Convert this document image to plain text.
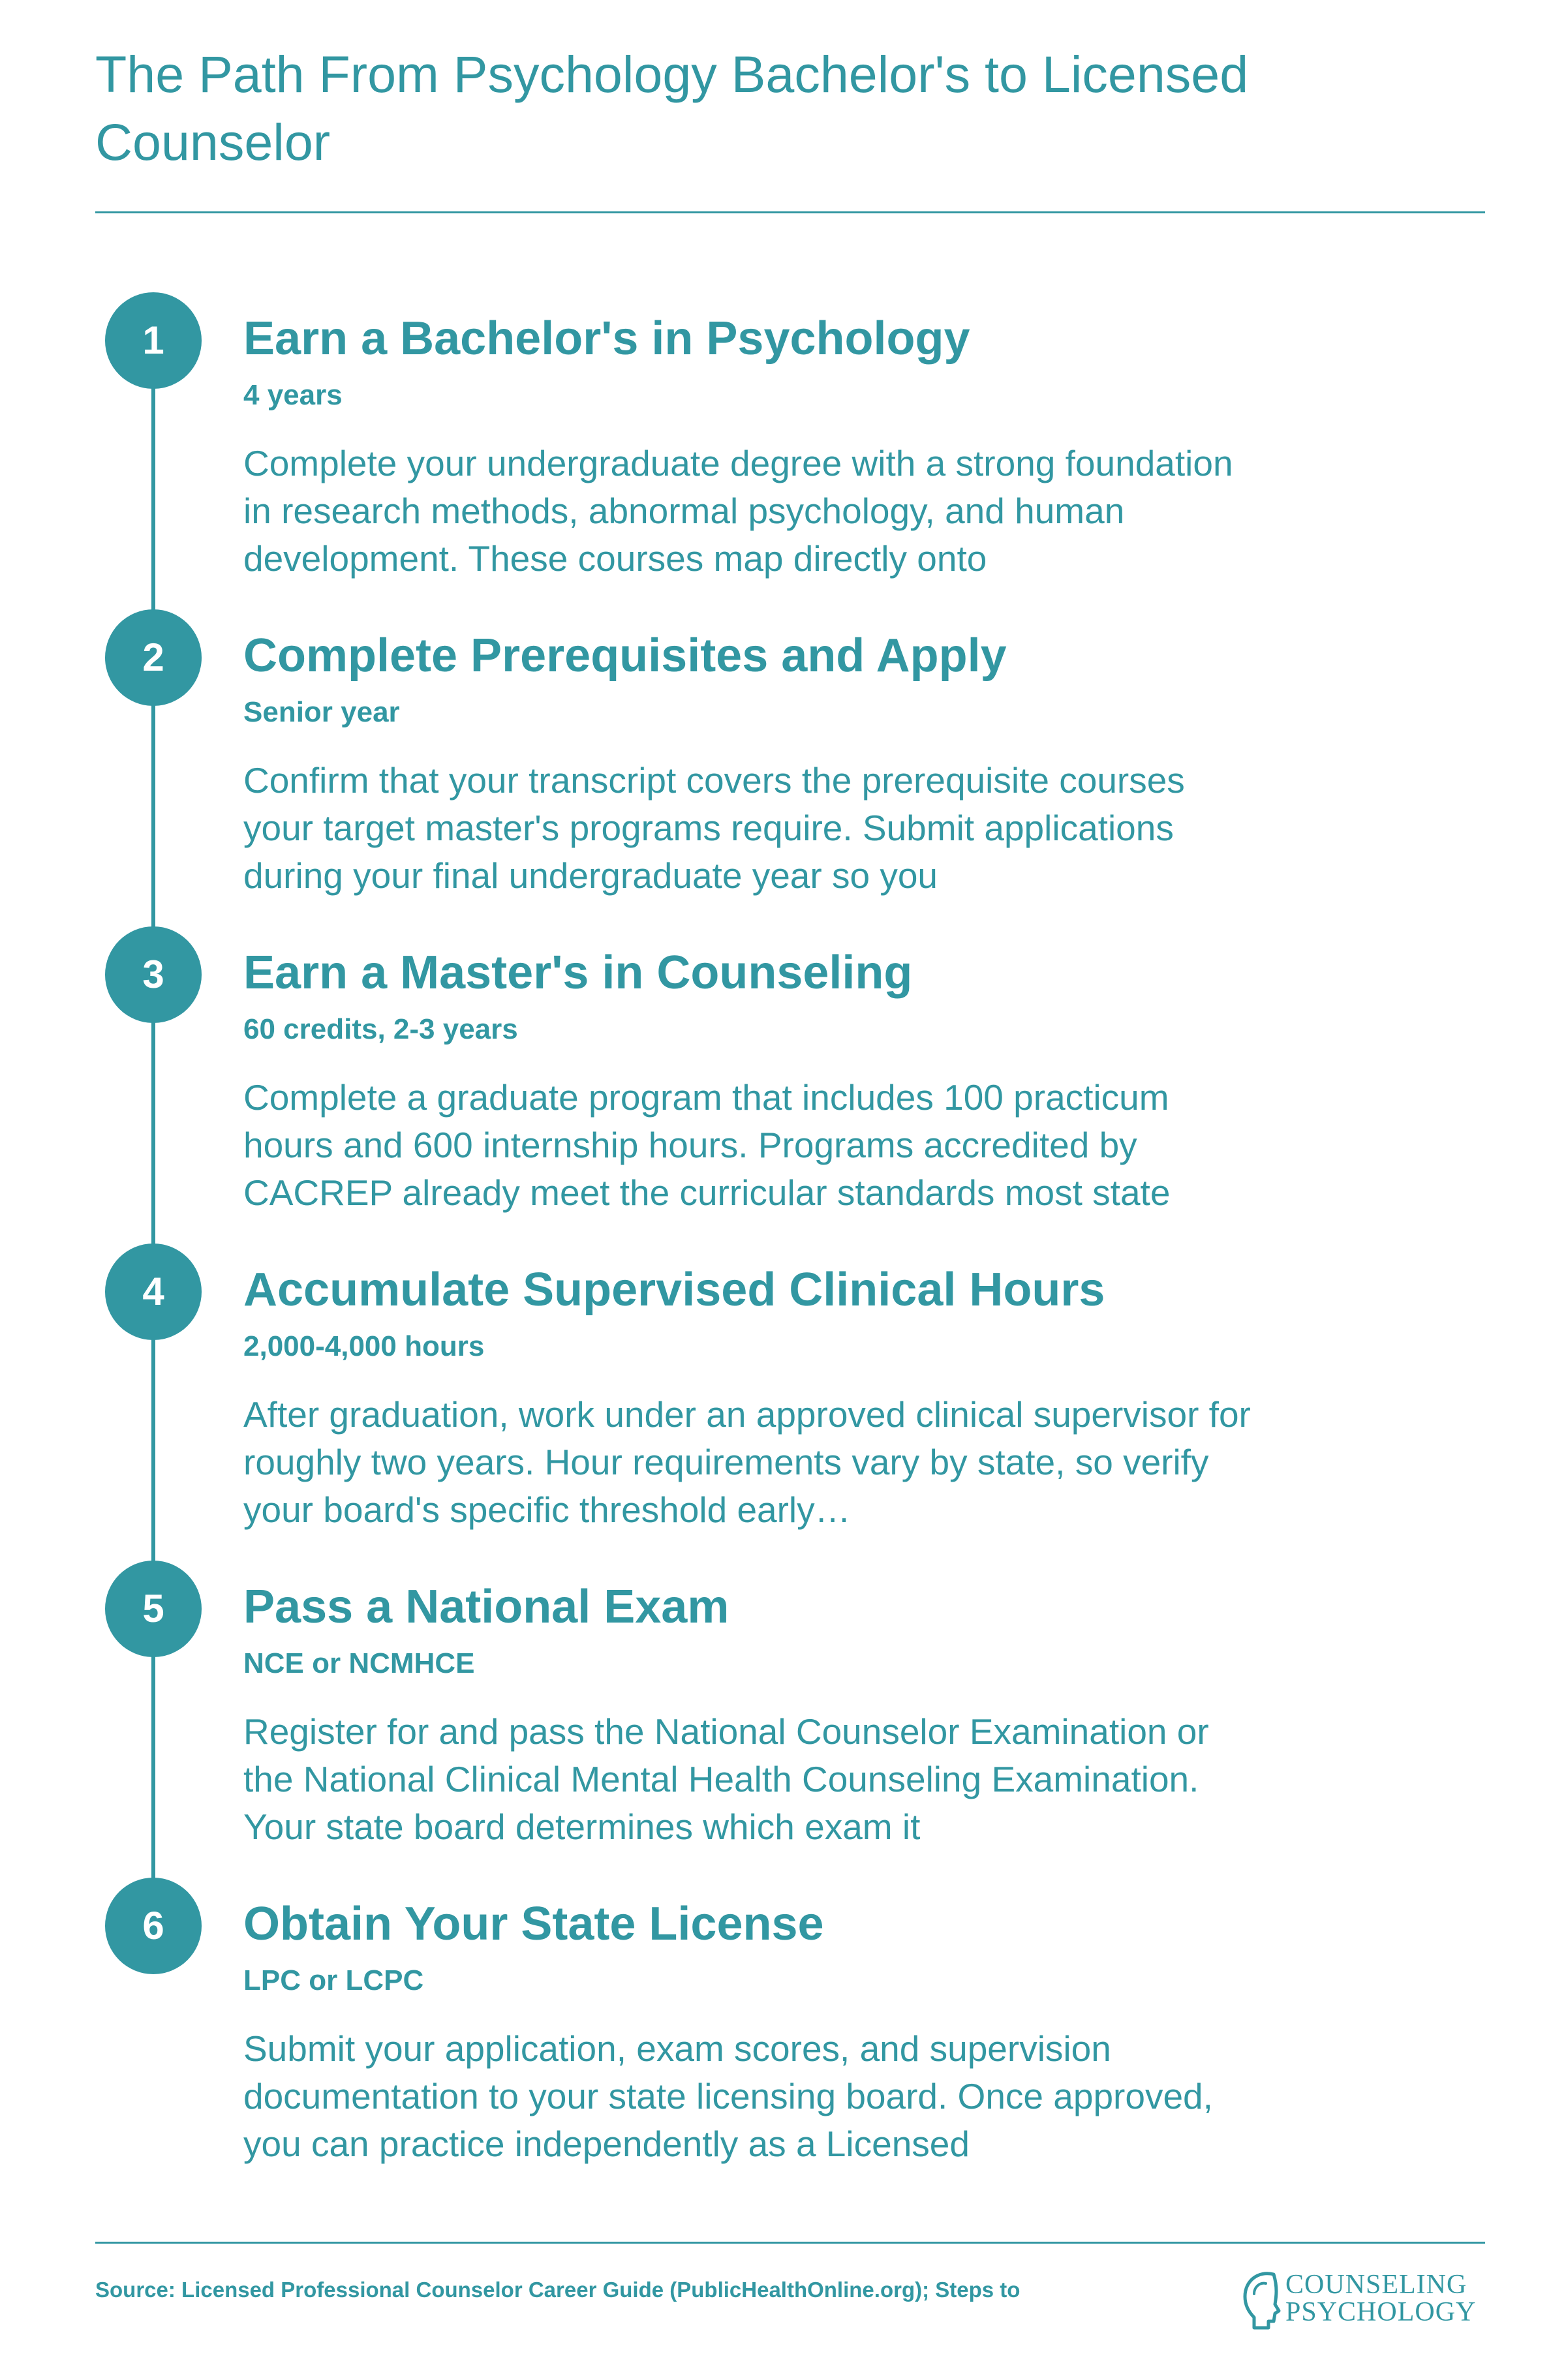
The Path From Psychology Bachelor's to Licensed Counselor
1	Earn a Bachelor's in Psychology
4 years
Complete your undergraduate degree with a strong foundation in research methods, abnormal psychology, and human development. These courses map directly onto
2	Complete Prerequisites and Apply
Senior year
Confirm that your transcript covers the prerequisite courses your target master's programs require. Submit applications during your final undergraduate year so you
3	Earn a Master's in Counseling
60 credits, 2-3 years
Complete a graduate program that includes 100 practicum hours and 600 internship hours. Programs accredited by CACREP already meet the curricular standards most state
4	Accumulate Supervised Clinical Hours
2,000-4,000 hours
After graduation, work under an approved clinical supervisor for roughly two years. Hour requirements vary by state, so verify your board's specific threshold early…
5	Pass a National Exam
NCE or NCMHCE
Register for and pass the National Counselor Examination or the National Clinical Mental Health Counseling Examination. Your state board determines which exam it
6	Obtain Your State License
LPC or LCPC
Submit your application, exam scores, and supervision documentation to your state licensing board. Once approved, you can practice independently as a Licensed
Source: Licensed Professional Counselor Career Guide (PublicHealthOnline.org); Steps to	COUNSELING
PSYCHOLOGY
